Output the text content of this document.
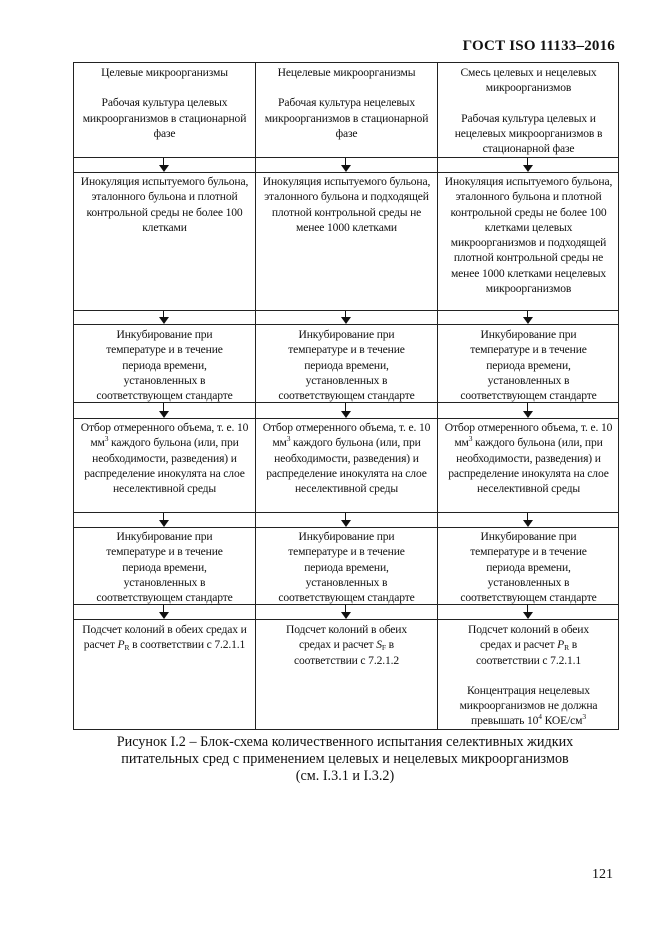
ГОСТ ISO 11133–2016

Целевые микроорганизмы

Рабочая культура целевых микроорганизмов в стационарной фазе

Инокуляция испытуемого бульона, эталонного бульона и плотной контрольной среды не более 100 клетками
Инкубирование при температуре и в течение периода времени, установленных в соответствующем стандарте
Отбор отмеренного объема, т. е. 10 $мм^3$ каждого бульона (или, при необходимости, разведения) и распределение инокулята на слое неселективной среды
Инкубирование при температуре и в течение периода времени, установленных в соответствующем стандарте
Подсчет колоний в обеих средах и расчет $P_R$ в соответствии с 7.2.1.1

Нецелевые микроорганизмы

Рабочая культура нецелевых микроорганизмов в стационарной фазе

Инокуляция испытуемого бульона, эталонного бульона и подходящей плотной контрольной среды не менее 1000 клетками
Инкубирование при температуре и в течение периода времени, установленных в соответствующем стандарте
Отбор отмеренного объема, т. е. 10 $мм^3$ каждого бульона (или, при необходимости, разведения) и распределение инокулята на слое неселективной среды
Инкубирование при температуре и в течение периода времени, установленных в соответствующем стандарте
Подсчет колоний в обеих средах и расчет $S_F$ в соответствии с 7.2.1.2

Смесь целевых и нецелевых микроорганизмов

Рабочая культура целевых и нецелевых микроорганизмов в стационарной фазе

Инокуляция испытуемого бульона, эталонного бульона и плотной контрольной среды не более 100 клетками целевых микроорганизмов и подходящей плотной контрольной среды не менее 1000 клетками нецелевых микроорганизмов
Инкубирование при температуре и в течение периода времени, установленных в соответствующем стандарте
Отбор отмеренного объема, т. е. 10 $мм^3$ каждого бульона (или, при необходимости, разведения) и распределение инокулята на слое неселективной среды
Инкубирование при температуре и в течение периода времени, установленных в соответствующем стандарте

Подсчет колоний в обеих средах и расчет $P_R$ в соответствии с 7.2.1.1

Концентрация нецелевых микроорганизмов не должна превышать $10^4$ КОЕ/$см^3$

Рисунок I.2 – Блок-схема количественного испытания селективных жидких

питательных сред с применением целевых и нецелевых микроорганизмов

(см. I.3.1 и I.3.2)

121
